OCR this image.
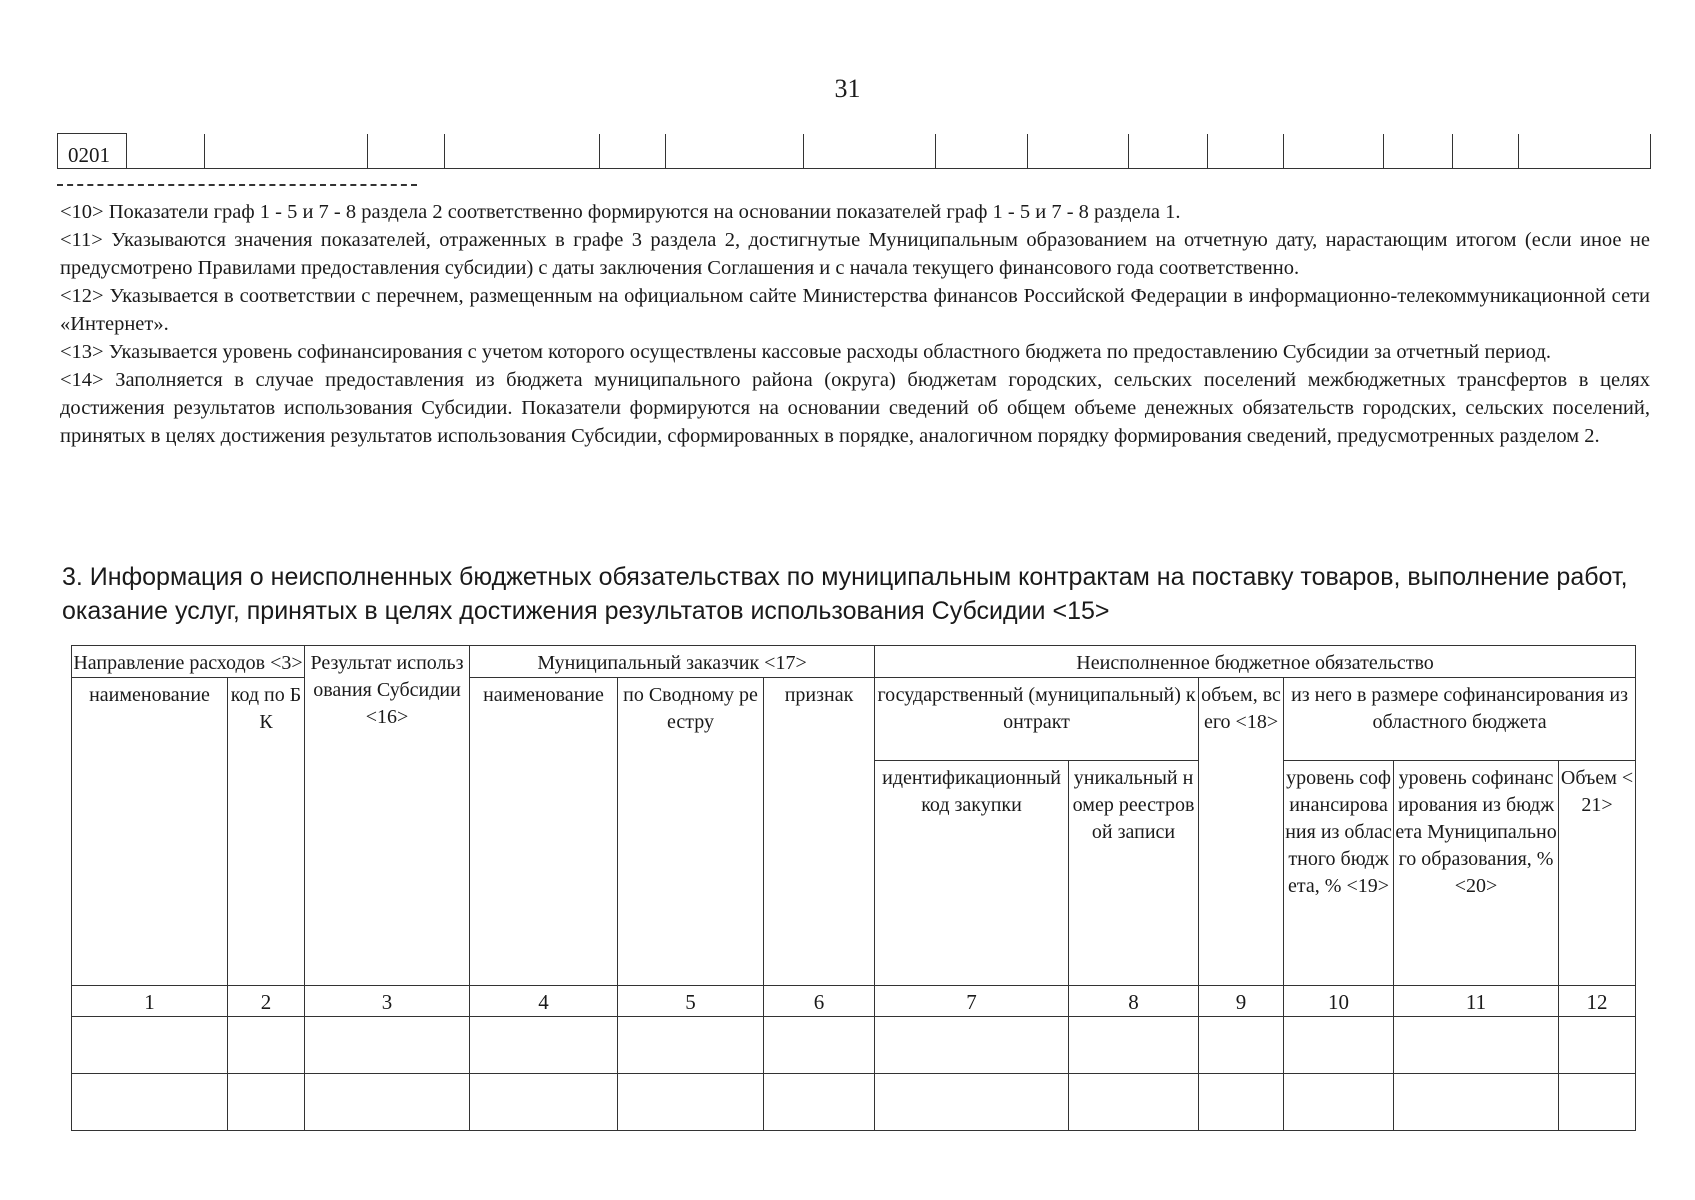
31
0201															

<10> Показатели граф 1 - 5 и 7 - 8 раздела 2 соответственно формируются на основании показателей граф 1 - 5 и 7 - 8 раздела 1.

<11> Указываются значения показателей, отраженных в графе 3 раздела 2, достигнутые Муниципальным образованием на отчетную дату, нарастающим итогом (если иное не предусмотрено Правилами предоставления субсидии) с даты заключения Соглашения и с начала текущего финансового года соответственно.

<12> Указывается в соответствии с перечнем, размещенным на официальном сайте Министерства финансов Российской Федерации в информационно-телекоммуникационной сети «Интернет».

<13> Указывается уровень софинансирования с учетом которого осуществлены кассовые расходы областного бюджета по предоставлению Субсидии за отчетный период.

<14> Заполняется в случае предоставления из бюджета муниципального района (округа) бюджетам городских, сельских поселений межбюджетных трансфертов в целях достижения результатов использования Субсидии. Показатели формируются на основании сведений об общем объеме денежных обязательств городских, сельских поселений, принятых в целях достижения результатов использования Субсидии, сформированных в порядке, аналогичном порядку формирования сведений, предусмотренных разделом 2.

3. Информация о неисполненных бюджетных обязательствах по муниципальным контрактам на поставку товаров, выполнение работ, оказание услуг, принятых в целях достижения результатов использования Субсидии <15>
Направление расходов <3>		Результат использования Субсидии <16>	Муниципальный заказчик <17>			Неисполненное бюджетное обязательство					
наименование	код по БК		наименование	по Сводному реестру	признак	государственный (муниципальный) контракт		объем, всего <18>	из него в размере софинансирования из областного бюджета		
						идентификационный код закупки	уникальный номер реестровой записи		уровень софинансирования из областного бюджета, % <19>	уровень софинансирования из бюджета Муниципального образования, % <20>	Объем <21>
1	2	3	4	5	6	7	8	9	10	11	12
